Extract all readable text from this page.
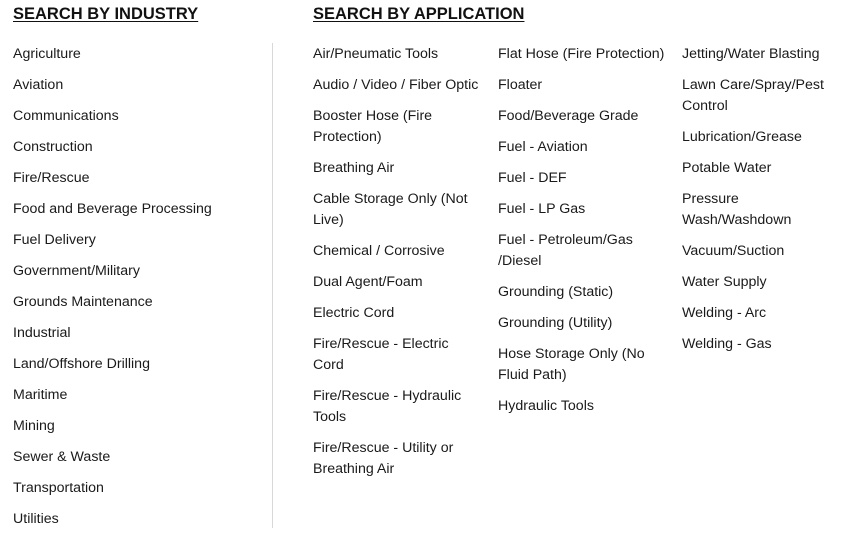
SEARCH BY INDUSTRY
Agriculture
Aviation
Communications
Construction
Fire/Rescue
Food and Beverage Processing
Fuel Delivery
Government/Military
Grounds Maintenance
Industrial
Land/Offshore Drilling
Maritime
Mining
Sewer & Waste
Transportation
Utilities
SEARCH BY APPLICATION
Air/Pneumatic Tools
Audio / Video / Fiber Optic
Booster Hose (Fire Protection)
Breathing Air
Cable Storage Only (Not Live)
Chemical / Corrosive
Dual Agent/Foam
Electric Cord
Fire/Rescue - Electric Cord
Fire/Rescue - Hydraulic Tools
Fire/Rescue - Utility or Breathing Air
Flat Hose (Fire Protection)
Floater
Food/Beverage Grade
Fuel - Aviation
Fuel - DEF
Fuel - LP Gas
Fuel - Petroleum/Gas /Diesel
Grounding (Static)
Grounding (Utility)
Hose Storage Only (No Fluid Path)
Hydraulic Tools
Jetting/Water Blasting
Lawn Care/Spray/Pest Control
Lubrication/Grease
Potable Water
Pressure Wash/Washdown
Vacuum/Suction
Water Supply
Welding - Arc
Welding - Gas
